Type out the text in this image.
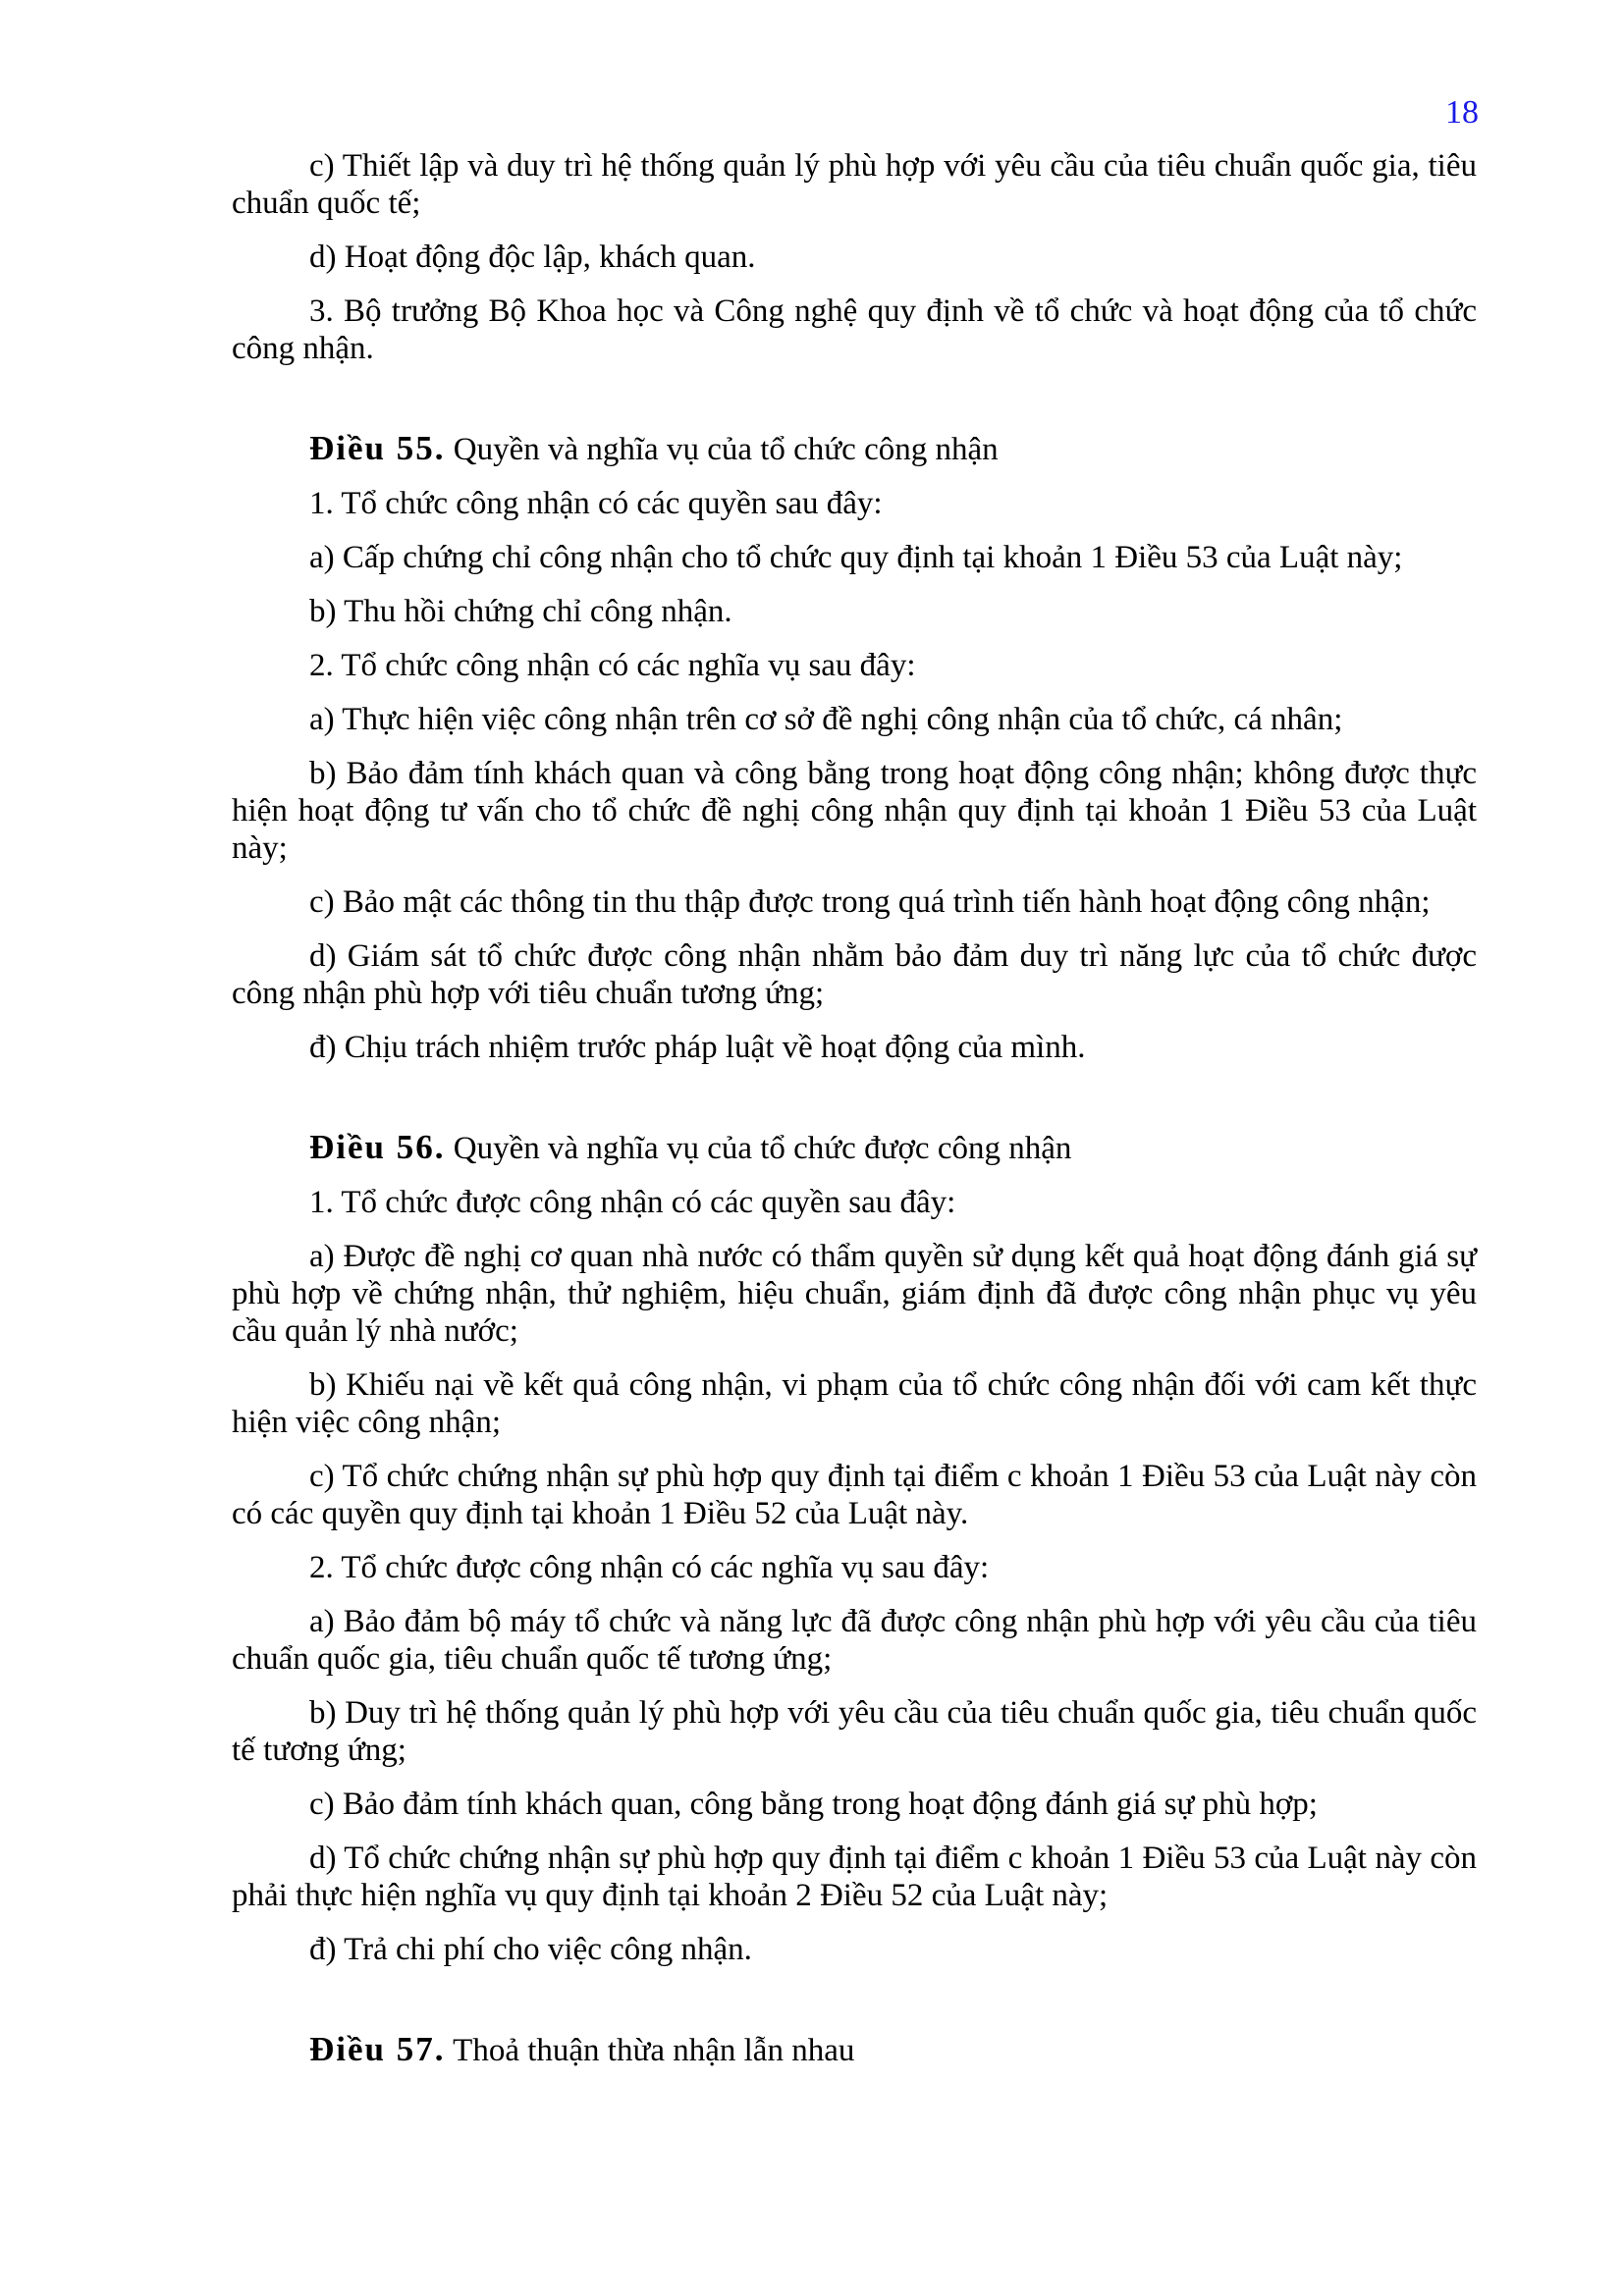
18

c) Thiết lập và duy trì hệ thống quản lý phù hợp với yêu cầu của tiêu chuẩn quốc gia, tiêu chuẩn quốc tế;

d) Hoạt động độc lập, khách quan.

3. Bộ trưởng Bộ Khoa học và Công nghệ quy định về tổ chức và hoạt động của tổ chức công nhận.

Điều 55. Quyền và nghĩa vụ của tổ chức công nhận

1. Tổ chức công nhận có các quyền sau đây:

a) Cấp chứng chỉ công nhận cho tổ chức quy định tại khoản 1 Điều 53 của Luật này;

b) Thu hồi chứng chỉ công nhận.

2. Tổ chức công nhận có các nghĩa vụ sau đây:

a) Thực hiện việc công nhận trên cơ sở đề nghị công nhận của tổ chức, cá nhân;

b) Bảo đảm tính khách quan và công bằng trong hoạt động công nhận; không được thực hiện hoạt động tư vấn cho tổ chức đề nghị công nhận quy định tại khoản 1 Điều 53 của Luật này;

c) Bảo mật các thông tin thu thập được trong quá trình tiến hành hoạt động công nhận;

d) Giám sát tổ chức được công nhận nhằm bảo đảm duy trì năng lực của tổ chức được công nhận phù hợp với tiêu chuẩn tương ứng;

đ) Chịu trách nhiệm trước pháp luật về hoạt động của mình.

Điều 56. Quyền và nghĩa vụ của tổ chức được công nhận

1. Tổ chức được công nhận có các quyền sau đây:

a) Được đề nghị cơ quan nhà nước có thẩm quyền sử dụng kết quả hoạt động đánh giá sự phù hợp về chứng nhận, thử nghiệm, hiệu chuẩn, giám định đã được công nhận phục vụ yêu cầu quản lý nhà nước;

b) Khiếu nại về kết quả công nhận, vi phạm của tổ chức công nhận đối với cam kết thực hiện việc công nhận;

c) Tổ chức chứng nhận sự phù hợp quy định tại điểm c khoản 1 Điều 53 của Luật này còn có các quyền quy định tại khoản 1 Điều 52 của Luật này.

2. Tổ chức được công nhận có các nghĩa vụ sau đây:

a) Bảo đảm bộ máy tổ chức và năng lực đã được công nhận phù hợp với yêu cầu của tiêu chuẩn quốc gia, tiêu chuẩn quốc tế tương ứng;

b) Duy trì hệ thống quản lý phù hợp với yêu cầu của tiêu chuẩn quốc gia, tiêu chuẩn quốc tế tương ứng;

c) Bảo đảm tính khách quan, công bằng trong hoạt động đánh giá sự phù hợp;

d) Tổ chức chứng nhận sự phù hợp quy định tại điểm c khoản 1 Điều 53 của Luật này còn phải thực hiện nghĩa vụ quy định tại khoản 2 Điều 52 của Luật này;

đ) Trả chi phí cho việc công nhận.

Điều 57. Thoả thuận thừa nhận lẫn nhau
